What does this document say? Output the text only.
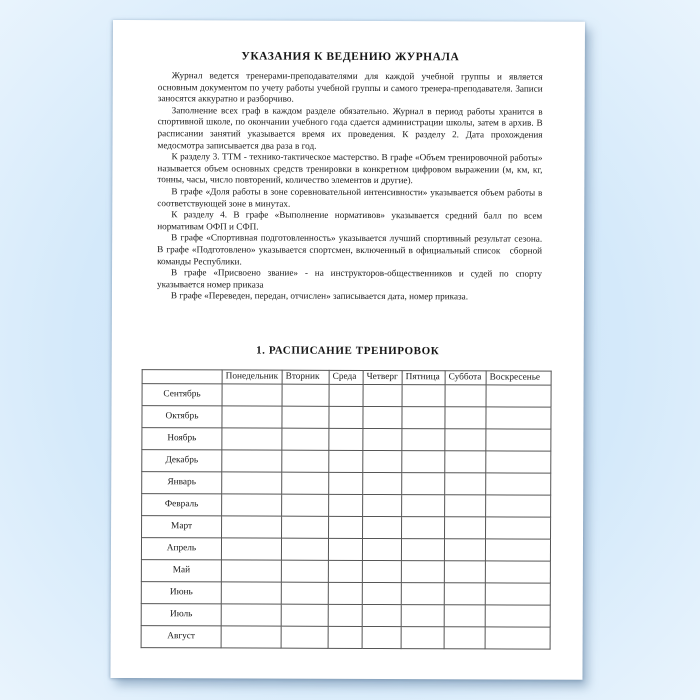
УКАЗАНИЯ К ВЕДЕНИЮ ЖУРНАЛА

Журнал ведется тренерами-преподавателями для каждой учебной группы и является основным документом по учету работы учебной группы и самого тренера-преподавателя. Записи заносятся аккуратно и разборчиво.

Заполнение всех граф в каждом разделе обязательно. Журнал в период работы хранится в спортивной школе, по окончании учебного года сдается администрации школы, затем в архив. В расписании занятий указывается время их проведения. К разделу 2. Дата прохождения медосмотра записывается два раза в год.

К разделу 3. ТТМ - технико-тактическое мастерство. В графе «Объем тренировочной работы» называется объем основных средств тренировки в конкретном цифровом выражении (м, км, кг, тонны, часы, число повторений, количество элементов и другие).

В графе «Доля работы в зоне соревновательной интенсивности» указывается объем работы в соответствующей зоне в минутах.

К разделу 4. В графе «Выполнение нормативов» указывается средний балл по всем нормативам ОФП и СФП.

В графе «Спортивная подготовленность» указывается лучший спортивный результат сезона. В графе «Подготовлено» указывается спортсмен, включенный в официальный список   сборной команды Республики.

В графе «Присвоено звание» - на инструкторов-общественников и судей по спорту указывается номер приказа

В графе «Переведен, передан, отчислен» записывается дата, номер приказа.

1. РАСПИСАНИЕ ТРЕНИРОВОК
	Понедельник	Вторник	Среда	Четверг	Пятница	Суббота	Воскресенье
Сентябрь							
Октябрь							
Ноябрь							
Декабрь							
Январь							
Февраль							
Март							
Апрель							
Май							
Июнь							
Июль							
Август							
